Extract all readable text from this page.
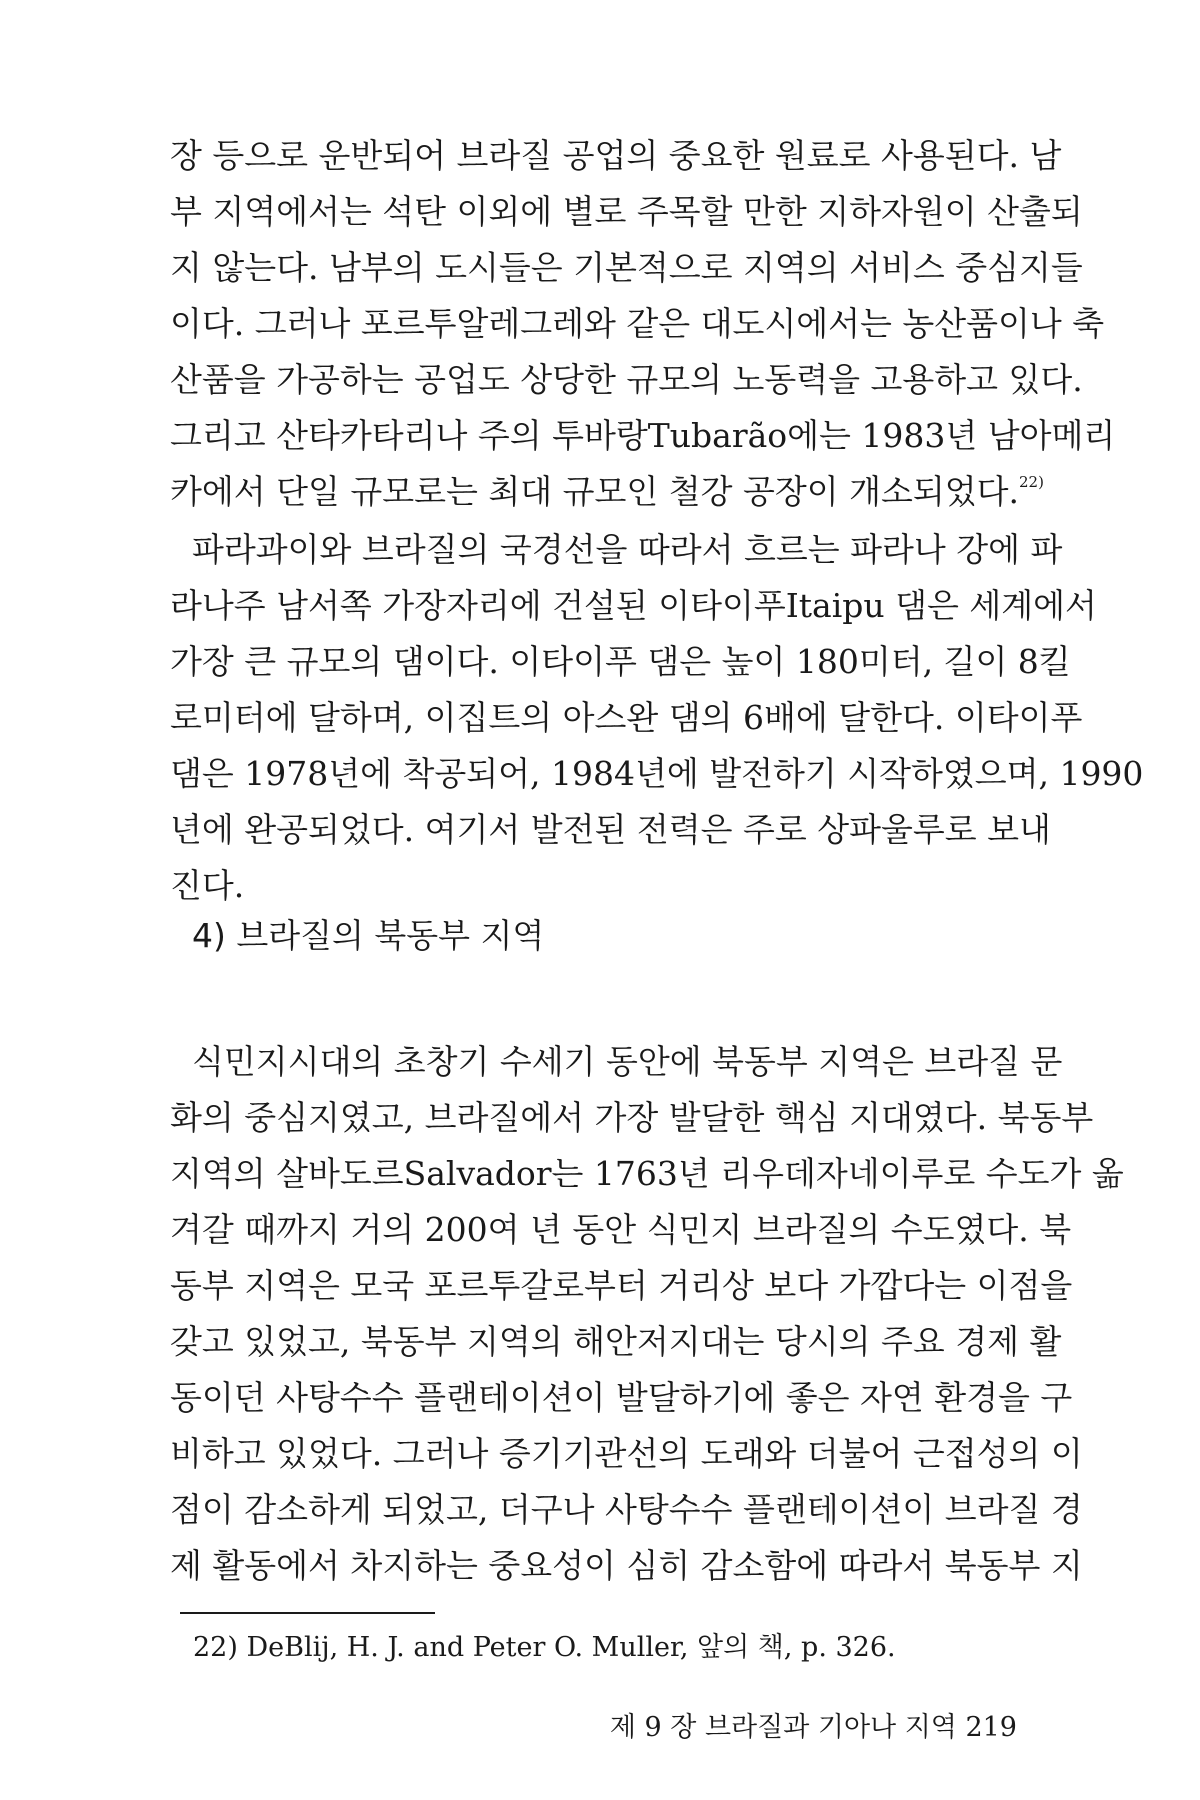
장 등으로 운반되어 브라질 공업의 중요한 원료로 사용된다. 남

부 지역에서는 석탄 이외에 별로 주목할 만한 지하자원이 산출되

지 않는다. 남부의 도시들은 기본적으로 지역의 서비스 중심지들

이다. 그러나 포르투알레그레와 같은 대도시에서는 농산품이나 축

산품을 가공하는 공업도 상당한 규모의 노동력을 고용하고 있다.

그리고 산타카타리나 주의 투바랑Tubarão에는 1983년 남아메리

카에서 단일 규모로는 최대 규모인 철강 공장이 개소되었다.$^{22)}$

파라과이와 브라질의 국경선을 따라서 흐르는 파라나 강에 파

라나주 남서쪽 가장자리에 건설된 이타이푸Itaipu 댐은 세계에서

가장 큰 규모의 댐이다. 이타이푸 댐은 높이 180미터, 길이 8킬

로미터에 달하며, 이집트의 아스완 댐의 6배에 달한다. 이타이푸

댐은 1978년에 착공되어, 1984년에 발전하기 시작하였으며, 1990

년에 완공되었다. 여기서 발전된 전력은 주로 상파울루로 보내

진다.

4) 브라질의 북동부 지역

식민지시대의 초창기 수세기 동안에 북동부 지역은 브라질 문

화의 중심지였고, 브라질에서 가장 발달한 핵심 지대였다. 북동부

지역의 살바도르Salvador는 1763년 리우데자네이루로 수도가 옮

겨갈 때까지 거의 200여 년 동안 식민지 브라질의 수도였다. 북

동부 지역은 모국 포르투갈로부터 거리상 보다 가깝다는 이점을

갖고 있었고, 북동부 지역의 해안저지대는 당시의 주요 경제 활

동이던 사탕수수 플랜테이션이 발달하기에 좋은 자연 환경을 구

비하고 있었다. 그러나 증기기관선의 도래와 더불어 근접성의 이

점이 감소하게 되었고, 더구나 사탕수수 플랜테이션이 브라질 경

제 활동에서 차지하는 중요성이 심히 감소함에 따라서 북동부 지

22) DeBlij, H. J. and Peter O. Muller, 앞의 책, p. 326.

제 9 장 브라질과 기아나 지역 219
